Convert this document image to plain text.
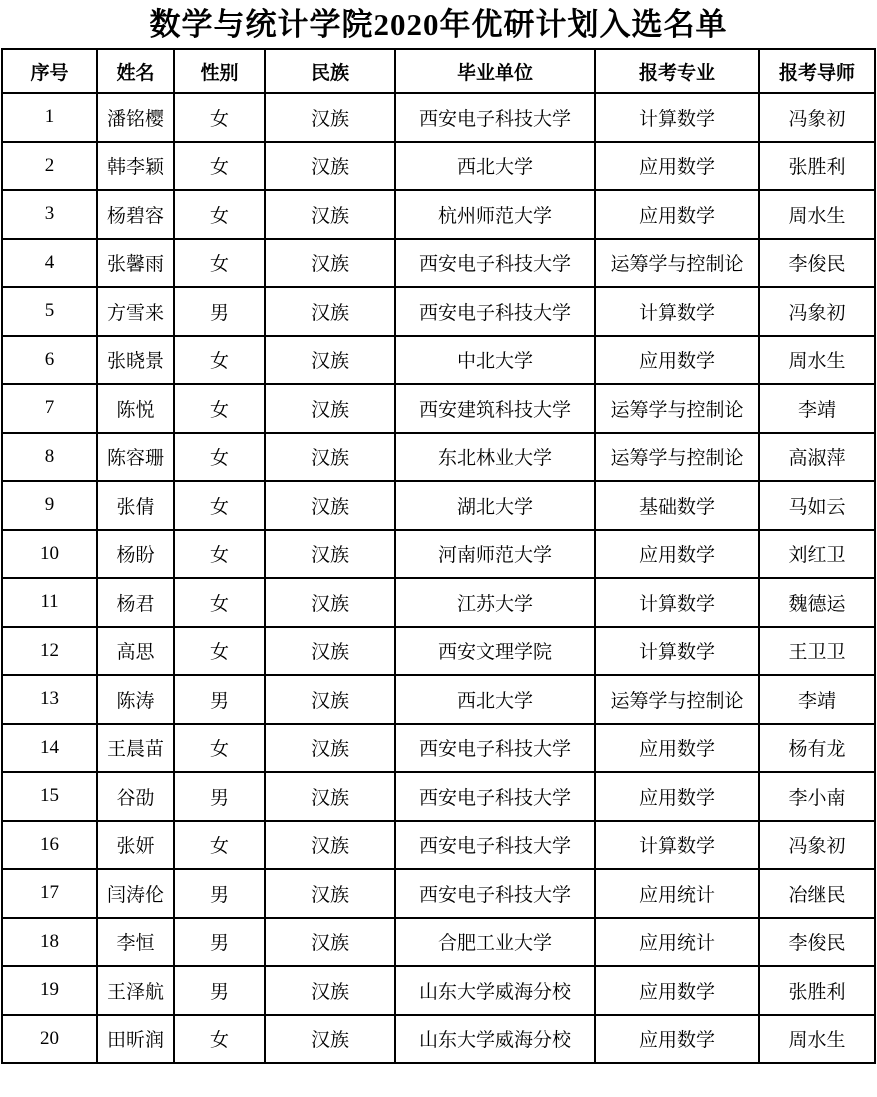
数学与统计学院2020年优研计划入选名单
序号	姓名	性别	民族	毕业单位	报考专业	报考导师
1	潘铭樱	女	汉族	西安电子科技大学	计算数学	冯象初
2	韩李颖	女	汉族	西北大学	应用数学	张胜利
3	杨碧容	女	汉族	杭州师范大学	应用数学	周水生
4	张馨雨	女	汉族	西安电子科技大学	运筹学与控制论	李俊民
5	方雪来	男	汉族	西安电子科技大学	计算数学	冯象初
6	张晓景	女	汉族	中北大学	应用数学	周水生
7	陈悦	女	汉族	西安建筑科技大学	运筹学与控制论	李靖
8	陈容珊	女	汉族	东北林业大学	运筹学与控制论	高淑萍
9	张倩	女	汉族	湖北大学	基础数学	马如云
10	杨盼	女	汉族	河南师范大学	应用数学	刘红卫
11	杨君	女	汉族	江苏大学	计算数学	魏德运
12	高思	女	汉族	西安文理学院	计算数学	王卫卫
13	陈涛	男	汉族	西北大学	运筹学与控制论	李靖
14	王晨苗	女	汉族	西安电子科技大学	应用数学	杨有龙
15	谷劭	男	汉族	西安电子科技大学	应用数学	李小南
16	张妍	女	汉族	西安电子科技大学	计算数学	冯象初
17	闫涛伦	男	汉族	西安电子科技大学	应用统计	冶继民
18	李恒	男	汉族	合肥工业大学	应用统计	李俊民
19	王泽航	男	汉族	山东大学威海分校	应用数学	张胜利
20	田昕润	女	汉族	山东大学威海分校	应用数学	周水生
